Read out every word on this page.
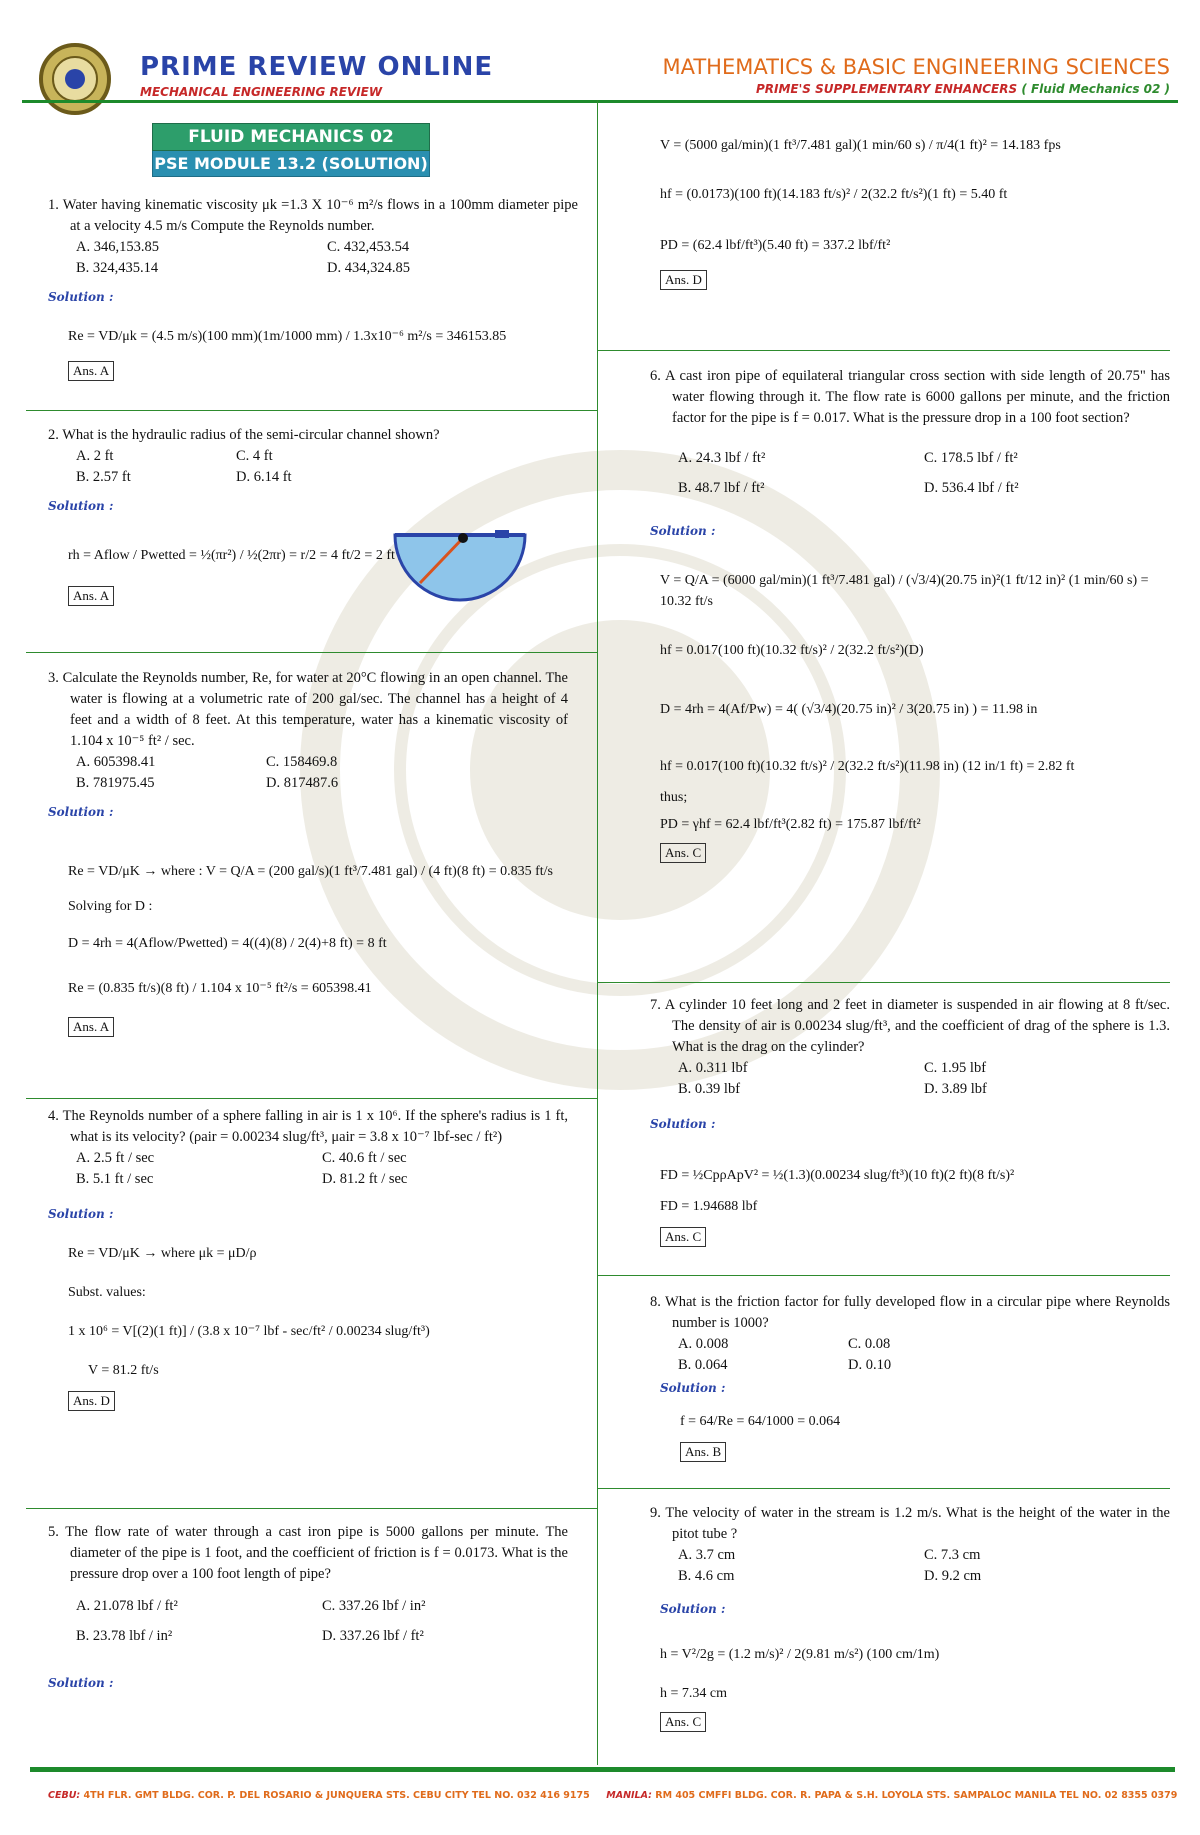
PRIME REVIEW ONLINE
MECHANICAL ENGINEERING REVIEW
MATHEMATICS & BASIC ENGINEERING SCIENCES
PRIME'S SUPPLEMENTARY ENHANCERS ( Fluid Mechanics 02 )
FLUID MECHANICS 02
PSE MODULE 13.2 (SOLUTION)
1. Water having kinematic viscosity μk =1.3 X 10⁻⁶ m²/s flows in a 100mm diameter pipe at a velocity 4.5 m/s Compute the Reynolds number.
A. 346,153.85	C. 432,453.54
B. 324,435.14	D. 434,324.85
Solution :
Re = VD/μk = (4.5 m/s)(100 mm)(1m/1000 mm) / 1.3x10⁻⁶ m²/s = 346153.85
Ans. A
2. What is the hydraulic radius of the semi-circular channel shown?
A. 2 ft	C. 4 ft
B. 2.57 ft	D. 6.14 ft
Solution :
rh = Aflow / Pwetted = ½(πr²) / ½(2πr) = r/2 = 4 ft/2 = 2 ft
Ans. A
3. Calculate the Reynolds number, Re, for water at 20°C flowing in an open channel. The water is flowing at a volumetric rate of 200 gal/sec. The channel has a height of 4 feet and a width of 8 feet. At this temperature, water has a kinematic viscosity of 1.104 x 10⁻⁵ ft² / sec.
A. 605398.41	C. 158469.8
B. 781975.45	D. 817487.6
Solution :
Re = VD/μK → where : V = Q/A = (200 gal/s)(1 ft³/7.481 gal) / (4 ft)(8 ft) = 0.835 ft/s
Solving for D :
D = 4rh = 4(Aflow/Pwetted) = 4((4)(8) / 2(4)+8 ft) = 8 ft
Re = (0.835 ft/s)(8 ft) / 1.104 x 10⁻⁵ ft²/s = 605398.41
Ans. A
4. The Reynolds number of a sphere falling in air is 1 x 10⁶. If the sphere's radius is 1 ft, what is its velocity? (ρair = 0.00234 slug/ft³, μair = 3.8 x 10⁻⁷ lbf-sec / ft²)
A. 2.5 ft / sec	C. 40.6 ft / sec
B. 5.1 ft / sec	D. 81.2 ft / sec
Solution :
Re = VD/μK → where μk = μD/ρ
Subst. values:
1 x 10⁶ = V[(2)(1 ft)] / (3.8 x 10⁻⁷ lbf - sec/ft² / 0.00234 slug/ft³)
V = 81.2 ft/s
Ans. D
5. The flow rate of water through a cast iron pipe is 5000 gallons per minute. The diameter of the pipe is 1 foot, and the coefficient of friction is f = 0.0173. What is the pressure drop over a 100 foot length of pipe?
A. 21.078 lbf / ft²	C. 337.26 lbf / in²
B. 23.78 lbf / in²	D. 337.26 lbf / ft²
Solution :
V = (5000 gal/min)(1 ft³/7.481 gal)(1 min/60 s) / π/4(1 ft)² = 14.183 fps
hf = (0.0173)(100 ft)(14.183 ft/s)² / 2(32.2 ft/s²)(1 ft) = 5.40 ft
PD = (62.4 lbf/ft³)(5.40 ft) = 337.2 lbf/ft²
Ans. D
6. A cast iron pipe of equilateral triangular cross section with side length of 20.75" has water flowing through it. The flow rate is 6000 gallons per minute, and the friction factor for the pipe is f = 0.017. What is the pressure drop in a 100 foot section?
A. 24.3 lbf / ft²	C. 178.5 lbf / ft²
B. 48.7 lbf / ft²	D. 536.4 lbf / ft²
Solution :
V = Q/A = (6000 gal/min)(1 ft³/7.481 gal) / (√3/4)(20.75 in)²(1 ft/12 in)² (1 min/60 s) = 10.32 ft/s
hf = 0.017(100 ft)(10.32 ft/s)² / 2(32.2 ft/s²)(D)
D = 4rh = 4(Af/Pw) = 4( (√3/4)(20.75 in)² / 3(20.75 in) ) = 11.98 in
hf = 0.017(100 ft)(10.32 ft/s)² / 2(32.2 ft/s²)(11.98 in) (12 in/1 ft) = 2.82 ft
thus;
PD = γhf = 62.4 lbf/ft³(2.82 ft) = 175.87 lbf/ft²
Ans. C
7. A cylinder 10 feet long and 2 feet in diameter is suspended in air flowing at 8 ft/sec. The density of air is 0.00234 slug/ft³, and the coefficient of drag of the sphere is 1.3. What is the drag on the cylinder?
A. 0.311 lbf	C. 1.95 lbf
B. 0.39 lbf	D. 3.89 lbf
Solution :
FD = ½CpρApV² = ½(1.3)(0.00234 slug/ft³)(10 ft)(2 ft)(8 ft/s)²
FD = 1.94688 lbf
Ans. C
8. What is the friction factor for fully developed flow in a circular pipe where Reynolds number is 1000?
A. 0.008	C. 0.08
B. 0.064	D. 0.10
Solution :
f = 64/Re = 64/1000 = 0.064
Ans. B
9. The velocity of water in the stream is 1.2 m/s. What is the height of the water in the pitot tube ?
A. 3.7 cm	C. 7.3 cm
B. 4.6 cm	D. 9.2 cm
Solution :
h = V²/2g = (1.2 m/s)² / 2(9.81 m/s²) (100 cm/1m)
h = 7.34 cm
Ans. C
CEBU: 4TH FLR. GMT BLDG. COR. P. DEL ROSARIO & JUNQUERA STS. CEBU CITY TEL NO. 032 416 9175 MANILA: RM 405 CMFFI BLDG. COR. R. PAPA & S.H. LOYOLA STS. SAMPALOC MANILA TEL NO. 02 8355 0379
